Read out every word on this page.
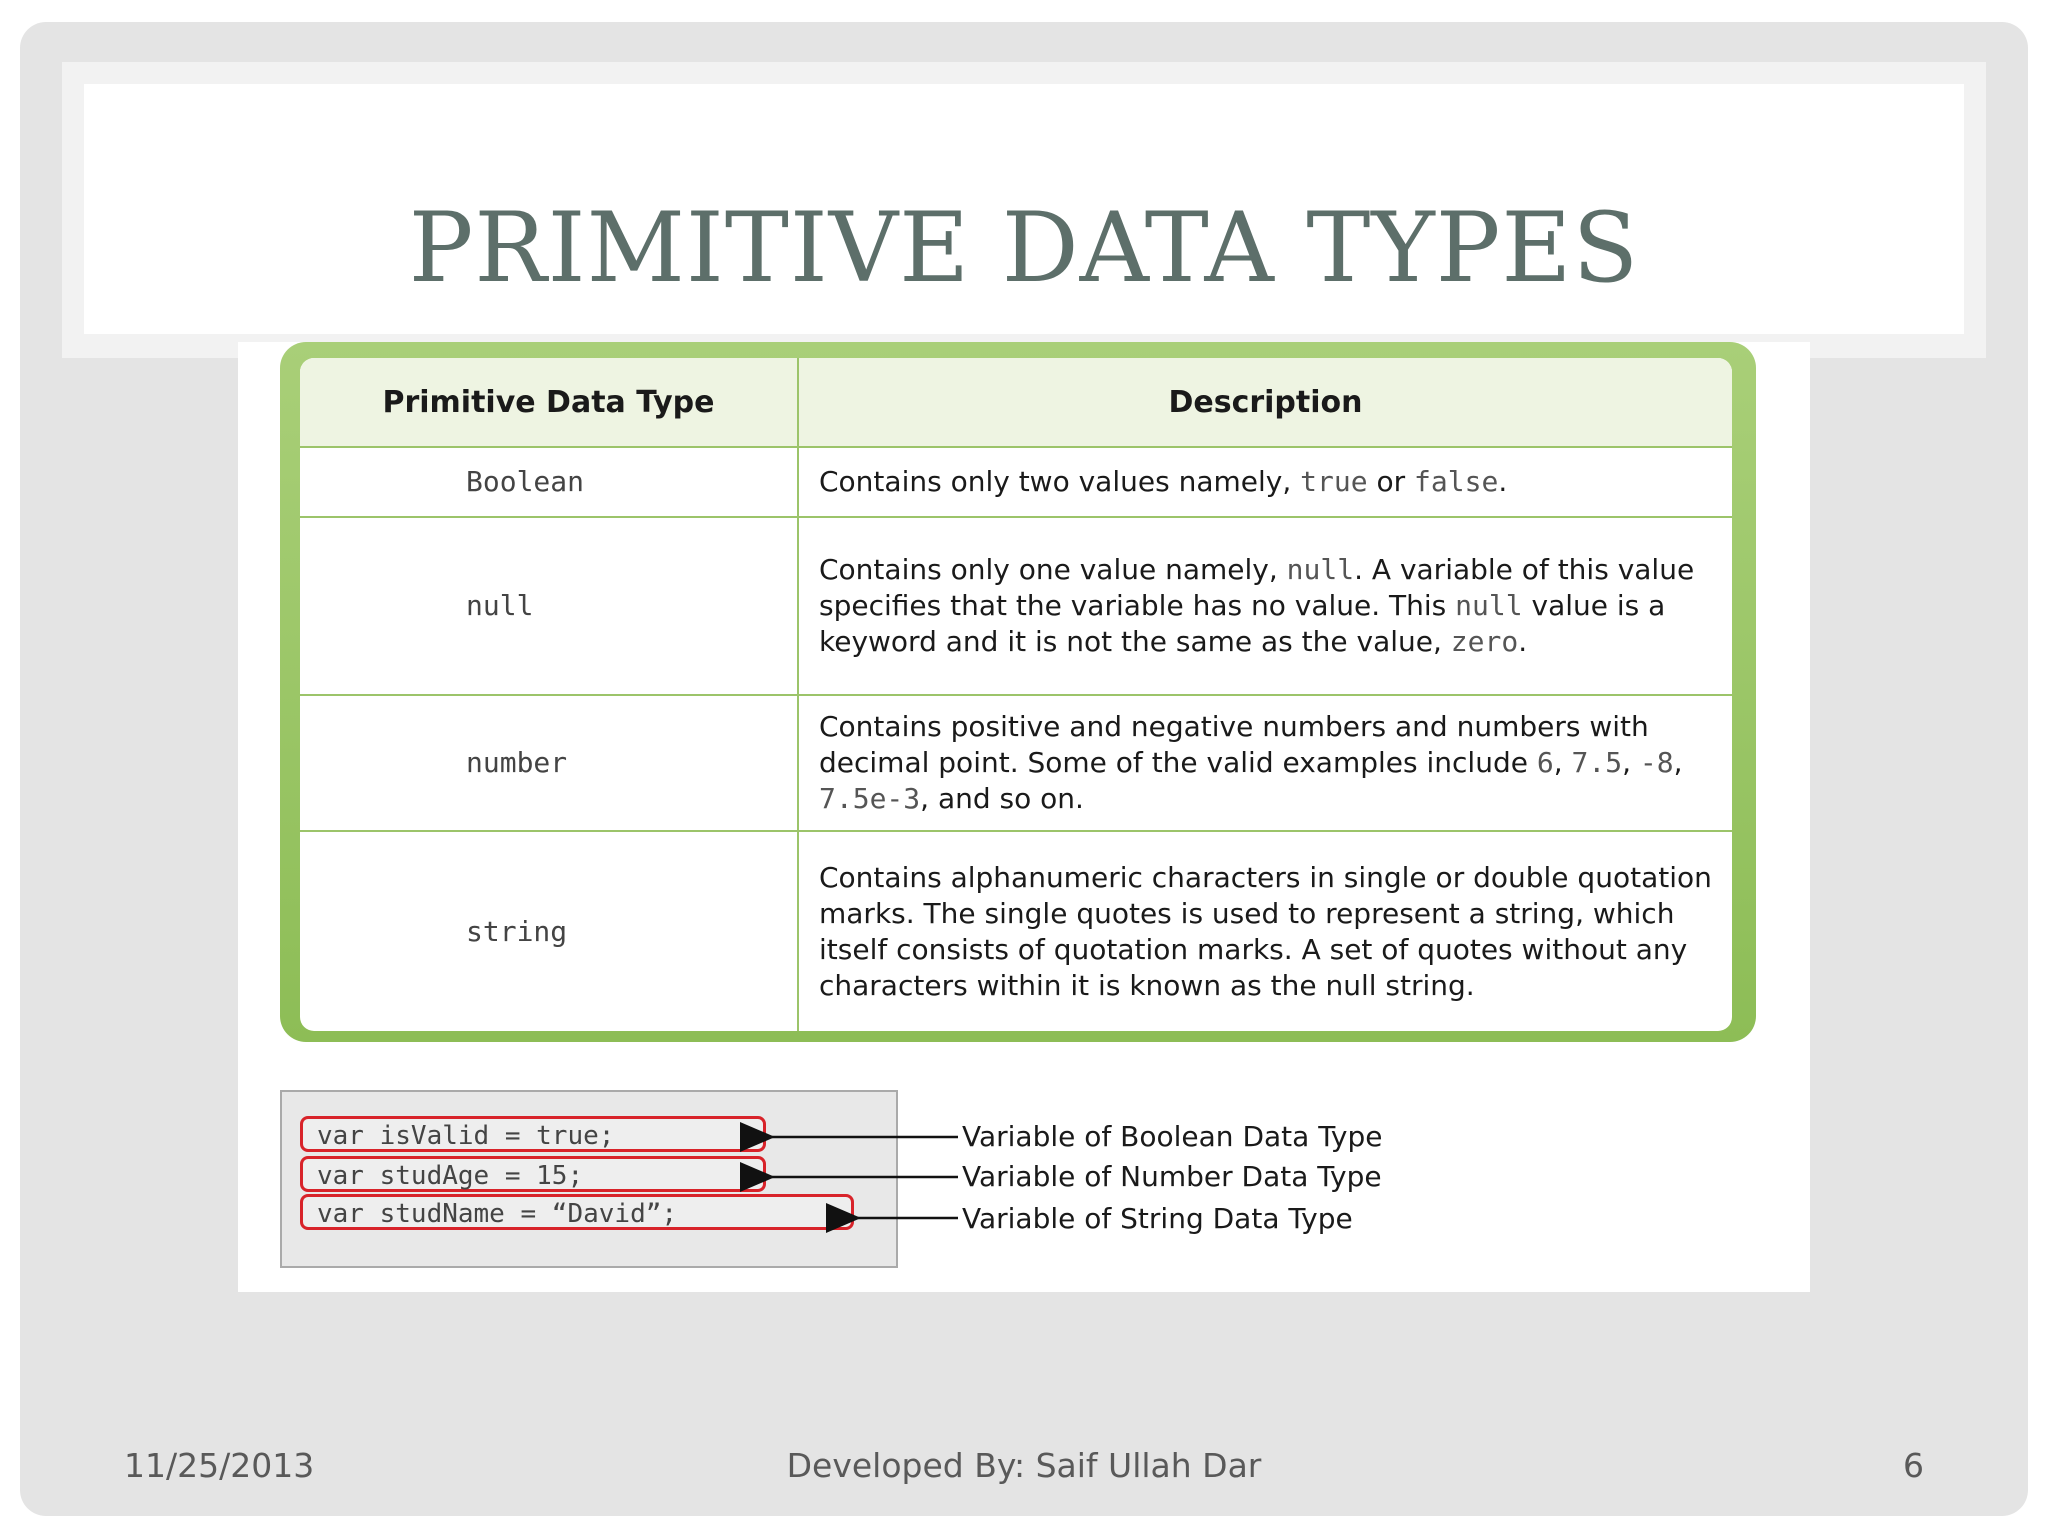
PRIMITIVE DATA TYPES
Primitive Data Type	Description
Boolean	Contains only two values namely, true or false.
null	Contains only one value namely, null. A variable of this value specifies that the variable has no value. This null value is a keyword and it is not the same as the value, zero.
number	Contains positive and negative numbers and numbers with decimal point. Some of the valid examples include 6, 7.5, -8, 7.5e-3, and so on.
string	Contains alphanumeric characters in single or double quotation marks. The single quotes is used to represent a string, which itself consists of quotation marks. A set of quotes without any characters within it is known as the null string.
var isValid = true;
var studAge = 15;
var studName = “David”;
Variable of Boolean Data Type
Variable of Number Data Type
Variable of String Data Type
11/25/2013	Developed By: Saif Ullah Dar	6
